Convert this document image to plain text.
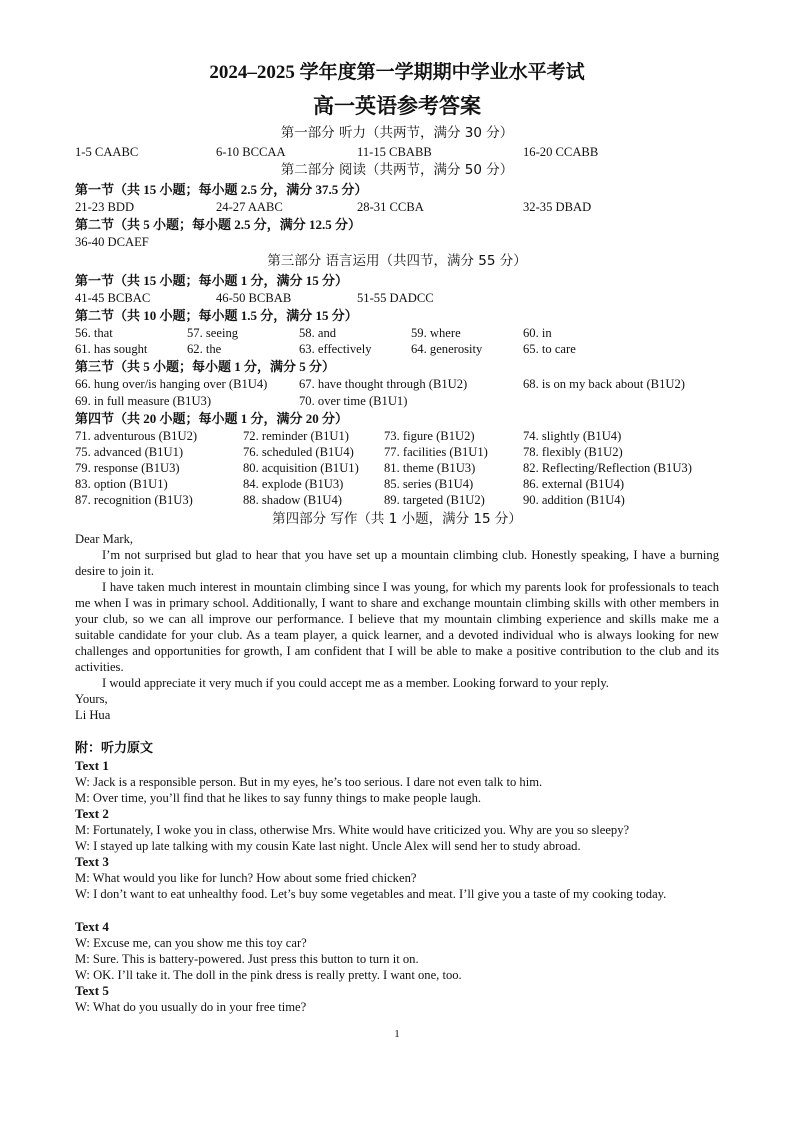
2024–2025 学年度第一学期期中学业水平考试
高一英语参考答案
第一部分 听力（共两节，满分 30 分）
1-5 CAABC	6-10 BCCAA	11-15 CBABB	16-20 CCABB
第二部分 阅读（共两节，满分 50 分）
第一节（共 15 小题；每小题 2.5 分，满分 37.5 分）
21-23 BDD	24-27 AABC	28-31 CCBA	32-35 DBAD
第二节（共 5 小题；每小题 2.5 分，满分 12.5 分）
36-40 DCAEF
第三部分 语言运用（共四节，满分 55 分）
第一节（共 15 小题；每小题 1 分，满分 15 分）
41-45 BCBAC	46-50 BCBAB	51-55 DADCC
第二节（共 10 小题；每小题 1.5 分，满分 15 分）
56. that	57. seeing	58. and	59. where	60. in
61. has sought	62. the	63. effectively	64. generosity	65. to care
第三节（共 5 小题；每小题 1 分，满分 5 分）
66. hung over/is hanging over (B1U4)	67. have thought through (B1U2)	68. is on my back about (B1U2)
69. in full measure (B1U3)	70. over time (B1U1)
第四节（共 20 小题；每小题 1 分，满分 20 分）
71. adventurous (B1U2)	72. reminder (B1U1)	73. figure (B1U2)	74. slightly (B1U4)
75. advanced (B1U1)	76. scheduled (B1U4) 77. facilities (B1U1)	78. flexibly (B1U2)
79. response (B1U3)	80. acquisition (B1U1) 81. theme (B1U3)	82. Reflecting/Reflection (B1U3)
83. option (B1U1)	84. explode (B1U3)	85. series (B1U4)	86. external (B1U4)
87. recognition (B1U3)	88. shadow (B1U4)	89. targeted (B1U2)	90. addition (B1U4)
第四部分 写作（共 1 小题，满分 15 分）
Dear Mark,
I’m not surprised but glad to hear that you have set up a mountain climbing club. Honestly speaking, I have a burning desire to join it.
I have taken much interest in mountain climbing since I was young, for which my parents look for professionals to teach me when I was in primary school. Additionally, I want to share and exchange mountain climbing skills with other members in your club, so we can all improve our performance. I believe that my mountain climbing experience and skills make me a suitable candidate for your club. As a team player, a quick learner, and a devoted individual who is always looking for new challenges and opportunities for growth, I am confident that I will be able to make a positive contribution to the club and its activities.
I would appreciate it very much if you could accept me as a member. Looking forward to your reply.
Yours,
Li Hua
附：听力原文
Text 1
W: Jack is a responsible person. But in my eyes, he’s too serious. I dare not even talk to him.
M: Over time, you’ll find that he likes to say funny things to make people laugh.
Text 2
M: Fortunately, I woke you in class, otherwise Mrs. White would have criticized you. Why are you so sleepy?
W: I stayed up late talking with my cousin Kate last night. Uncle Alex will send her to study abroad.
Text 3
M: What would you like for lunch? How about some fried chicken?
W: I don’t want to eat unhealthy food. Let’s buy some vegetables and meat. I’ll give you a taste of my cooking today.
Text 4
W: Excuse me, can you show me this toy car?
M: Sure. This is battery-powered. Just press this button to turn it on.
W: OK. I’ll take it. The doll in the pink dress is really pretty. I want one, too.
Text 5
W: What do you usually do in your free time?
1
